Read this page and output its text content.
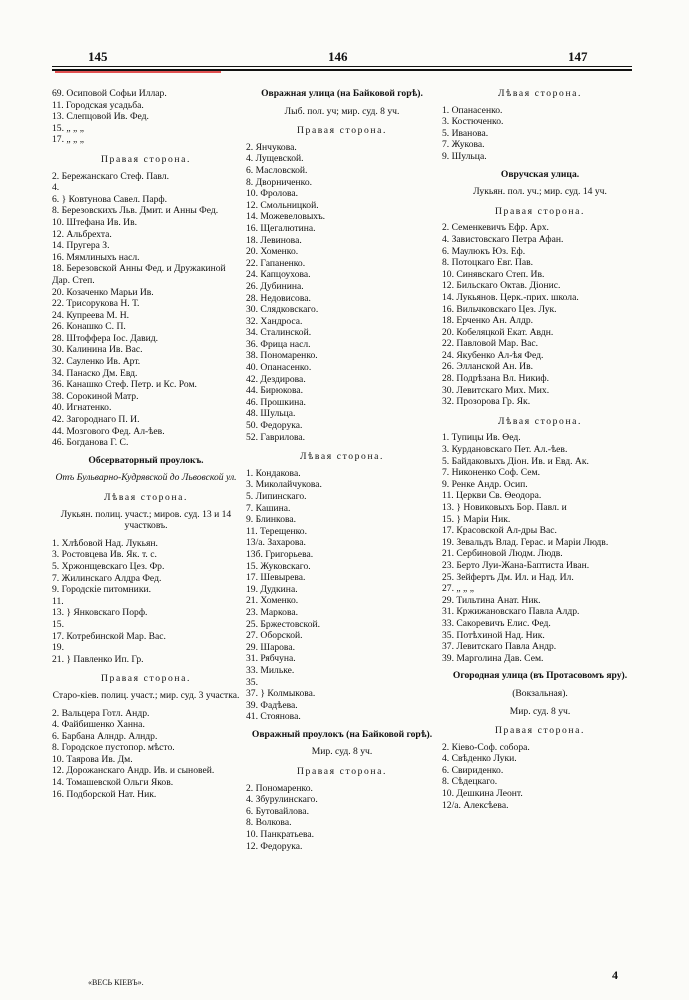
145	146	147
69. Осиповой Софьи Иллар.
11. Городская усадьба.
13. Слепцовой Ив. Фед.
15. „ „ „
17. „ „ „
Правая сторона.
2. Бережанскаго Стеф. Павл.
4.
6. } Ковтунова Савел. Парф.
8. Березовскихъ Льв. Дмит. и Анны Фед.
10. Штефана Ив. Ив.
12. Альбрехта.
14. Пругера З.
16. Мямлиныхъ насл.
18. Березовской Анны Фед. и Дружакиной Дар. Степ.
20. Козаченко Марьи Ив.
22. Трисорукова Н. Т.
24. Купреева М. Н.
26. Конашко С. П.
28. Штоффера Іос. Давид.
30. Калинина Ив. Вас.
32. Сауленко Ив. Арт.
34. Панаско Дм. Евд.
36. Канашко Стеф. Петр. и Кс. Ром.
38. Сорокиной Матр.
40. Игнатенко.
42. Загороднаго П. И.
44. Мозгового Фед. Ал-ѣев.
46. Богданова Г. С.
Обсерваторный проулокъ.
Отъ Бульварно-Кудрявской до Львовской ул.
Лѣвая сторона.
Лукьян. полиц. участ.; миров. суд. 13 и 14 участковъ.
1. Хлѣбовой Над. Лукьян.
3. Ростовцева Ив. Як. т. с.
5. Хржонщевскаго Цез. Фр.
7. Жилинскаго Алдра Фед.
9. Городскіе питомники.
11.
13. } Янковскаго Порф.
15.
17. Котребинской Мар. Вас.
19.
21. } Павленко Ип. Гр.
Правая сторона.
Старо-кіев. полиц. участ.; мир. суд. 3 участка.
2. Вальцера Готл. Андр.
4. Файбишенко Ханна.
6. Барбана Алндр. Алндр.
8. Городское пустопор. мѣсто.
10. Таярова Ив. Дм.
12. Дорожанскаго Андр. Ив. и сыновей.
14. Томашевской Ольги Яков.
16. Подборской Нат. Ник.
«ВЕСЬ КІЕВЪ».
Овражная улица (на Байковой горѣ).
Лыб. пол. уч; мир. суд. 8 уч.
Правая сторона.
2. Янчукова.
4. Лущевской.
6. Масловской.
8. Дворниченко.
10. Фролова.
12. Смольницкой.
14. Можевеловыхъ.
16. Щегалютина.
18. Левинова.
20. Хоменко.
22. Гапаненко.
24. Капцоухова.
26. Дубинина.
28. Недовисова.
30. Слядковскаго.
32. Хандроса.
34. Сталинской.
36. Фрица насл.
38. Пономаренко.
40. Опанасенко.
42. Дездирова.
44. Бирюкова.
46. Прошкина.
48. Шульца.
50. Федорука.
52. Гаврилова.
Лѣвая сторона.
1. Кондакова.
3. Миколайчукова.
5. Липинскаго.
7. Кашина.
9. Блинкова.
11. Терещенко.
13/а. Захарова.
13б. Григорьева.
15. Жуковскаго.
17. Шевырева.
19. Дудкина.
21. Хоменко.
23. Маркова.
25. Бржестовской.
27. Оборской.
29. Шарова.
31. Рябчуна.
33. Мильке.
35.
37. } Колмыкова.
39. Фадѣева.
41. Стоянова.
Овражный проулокъ (на Байковой горѣ).
Мир. суд. 8 уч.
Правая сторона.
2. Пономаренко.
4. Збурулинскаго.
6. Бутовайлова.
8. Волкова.
10. Панкратьева.
12. Федорука.
Лѣвая сторона.
1. Опанасенко.
3. Костюченко.
5. Иванова.
7. Жукова.
9. Шульца.
Овручская улица.
Лукьян. пол. уч.; мир. суд. 14 уч.
Правая сторона.
2. Семенкевичъ Ефр. Арх.
4. Завистовскаго Петра Афан.
6. Маулюкъ Юз. Еф.
8. Потоцкаго Евг. Пав.
10. Синявскаго Степ. Ив.
12. Бильскаго Октав. Діонис.
14. Лукьянов. Церк.-прих. школа.
16. Вильчковскаго Цез. Лук.
18. Ерченко Ан. Алдр.
20. Кобеляцкой Екат. Авдн.
22. Павловой Мар. Вас.
24. Якубенко Ал-ѣя Фед.
26. Элланской Ан. Ив.
28. Подрѣзана Вл. Никиф.
30. Левитскаго Мих. Мих.
32. Прозорова Гр. Як.
Лѣвая сторона.
1. Тупицы Ив. Ѳед.
3. Курдановскаго Пет. Ал.-ѣев.
5. Байдаковыхъ Діон. Ив. и Евд. Ак.
7. Никоненко Соф. Сем.
9. Ренке Андр. Осип.
11. Церкви Св. Ѳеодора.
13. } Новиковыхъ Бор. Павл. и
15. } Маріи Ник.
17. Красовской Ал-дры Вас.
19. Зевальдъ Влад. Герас. и Маріи Людв.
21. Сербиновой Людм. Людв.
23. Берто Луи-Жана-Баптиста Иван.
25. Зейфертъ Дм. Ил. и Над. Ил.
27. „ „ „
29. Тильтина Анат. Ник.
31. Кржижановскаго Павла Алдр.
33. Сакоревичъ Елис. Фед.
35. Потѣхиной Над. Ник.
37. Левитскаго Павла Андр.
39. Марголина Дав. Сем.
Огородная улица (въ Протасовомъ яру).
(Вокзальная).
Мир. суд. 8 уч.
Правая сторона.
2. Кіево-Соф. собора.
4. Свѣденко Луки.
6. Свириденко.
8. Сѣдецкаго.
10. Дешкина Леонт.
12/а. Алексѣева.
4
